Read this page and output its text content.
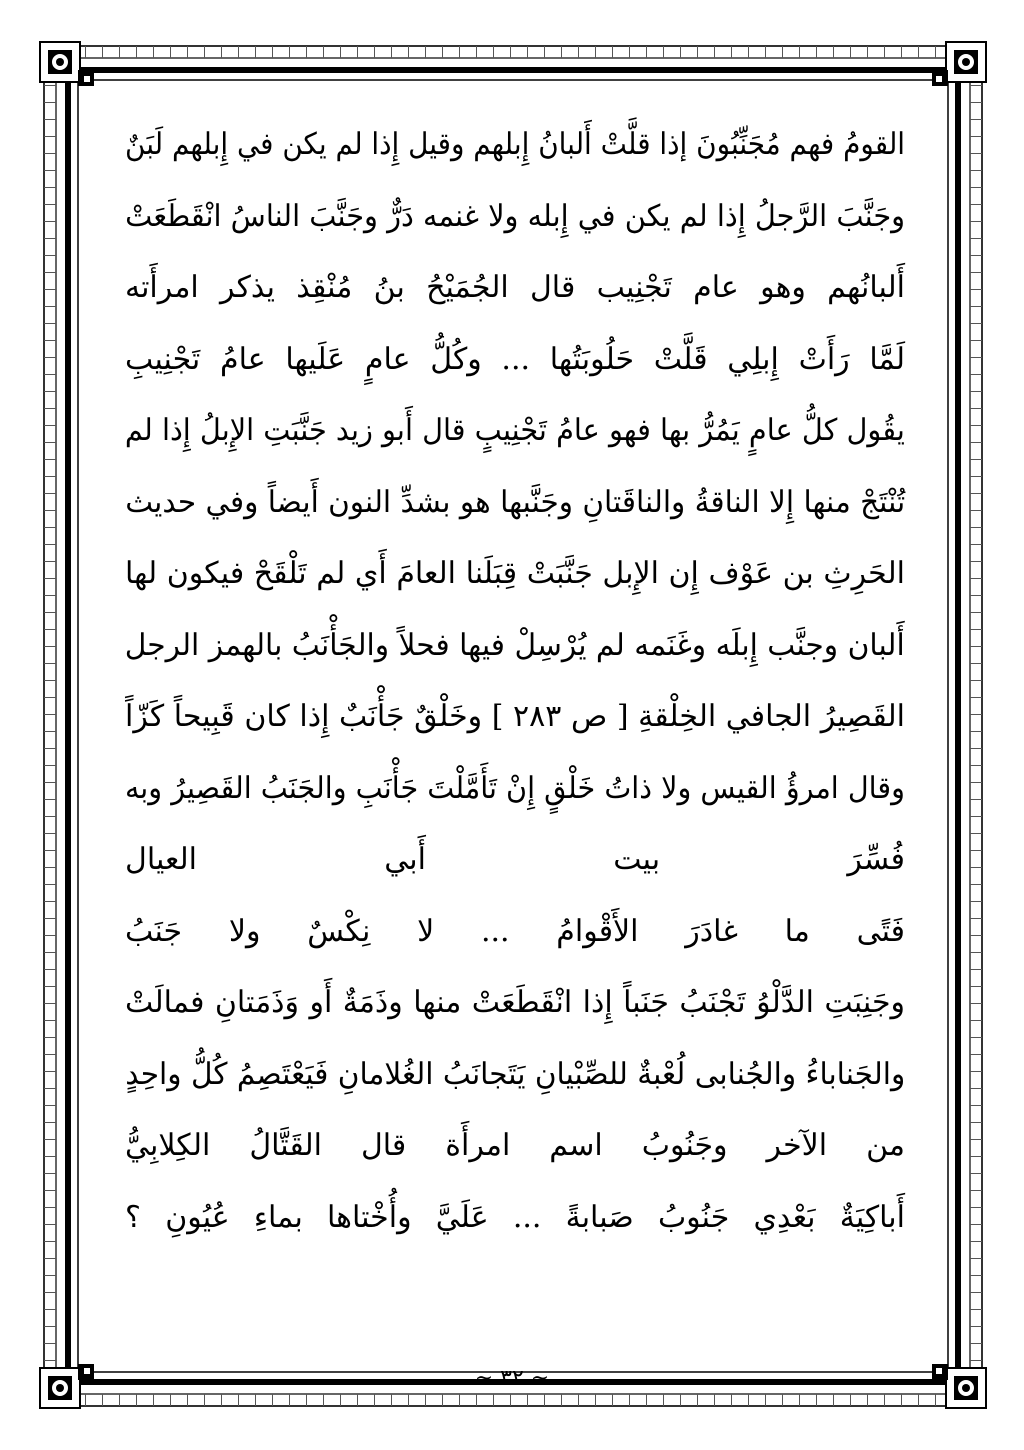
القومُ فهم مُجَنِّبُونَ إذا قلَّتْ أَلبانُ إِبلهم وقيل إِذا لم يكن في إِبلهم لَبَنٌ
وجَنَّبَ الرَّجلُ إِذا لم يكن في إِبله ولا غنمه دَرٌّ وجَنَّبَ الناسُ انْقَطَعَتْ
أَلبانُهم وهو عام تَجْنِيب قال الجُمَيْحُ بنُ مُنْقِذ يذكر امرأَته
لَمَّا رَأَتْ إِبلِي قَلَّتْ حَلُوبَتُها ... وكُلُّ عامٍ عَلَيها عامُ تَجْنِيبِ
يقُول كلُّ عامٍ يَمُرُّ بها فهو عامُ تَجْنِيبٍ قال أَبو زيد جَنَّبَتِ الإِبلُ إِذا لم
تُنْتَجْ منها إِلا الناقةُ والناقَتانِ وجَنَّبها هو بشدِّ النون أَيضاً وفي حديث
الحَرِثِ بن عَوْف إِن الإِبل جَنَّبَتْ قِبَلَنا العامَ أَي لم تَلْقَحْ فيكون لها
أَلبان وجنَّب إِبلَه وغَنَمه لم يُرْسِلْ فيها فحلاً والجَأْنَبُ بالهمز الرجل
القَصِيرُ الجافي الخِلْقةِ [ ص ٢٨٣ ] وخَلْقٌ جَأْنَبٌ إِذا كان قَبِيحاً كَزّاً
وقال امرؤُ القيس ولا ذاتُ خَلْقٍ إِنْ تَأَمَّلْتَ جَأْنَبِ والجَنَبُ القَصِيرُ وبه
فُسِّرَ
بيت
أَبي
العيال
فَتًى
ما
غادَرَ
الأَقْوامُ
...
لا
نِكْسٌ
ولا
جَنَبُ
وجَنِبَتِ الدَّلْوُ تَجْنَبُ جَنَباً إِذا انْقَطَعَتْ منها وذَمَةٌ أَو وَذَمَتانِ فمالَتْ
والجَناباءُ والجُنابى لُعْبةٌ للصِّبْيانِ يَتَجانَبُ الغُلامانِ فَيَعْتَصِمُ كُلُّ واحِدٍ
من
الآخر
وجَنُوبُ
اسم
امرأَة
قال
القَتَّالُ
الكِلابِيُّ
أَباكِيَةٌ
بَعْدِي
جَنُوبُ
صَبابةً
...
عَلَيَّ
وأُخْتاها
بماءِ
عُيُونِ
؟
~ ٣٢ ~
